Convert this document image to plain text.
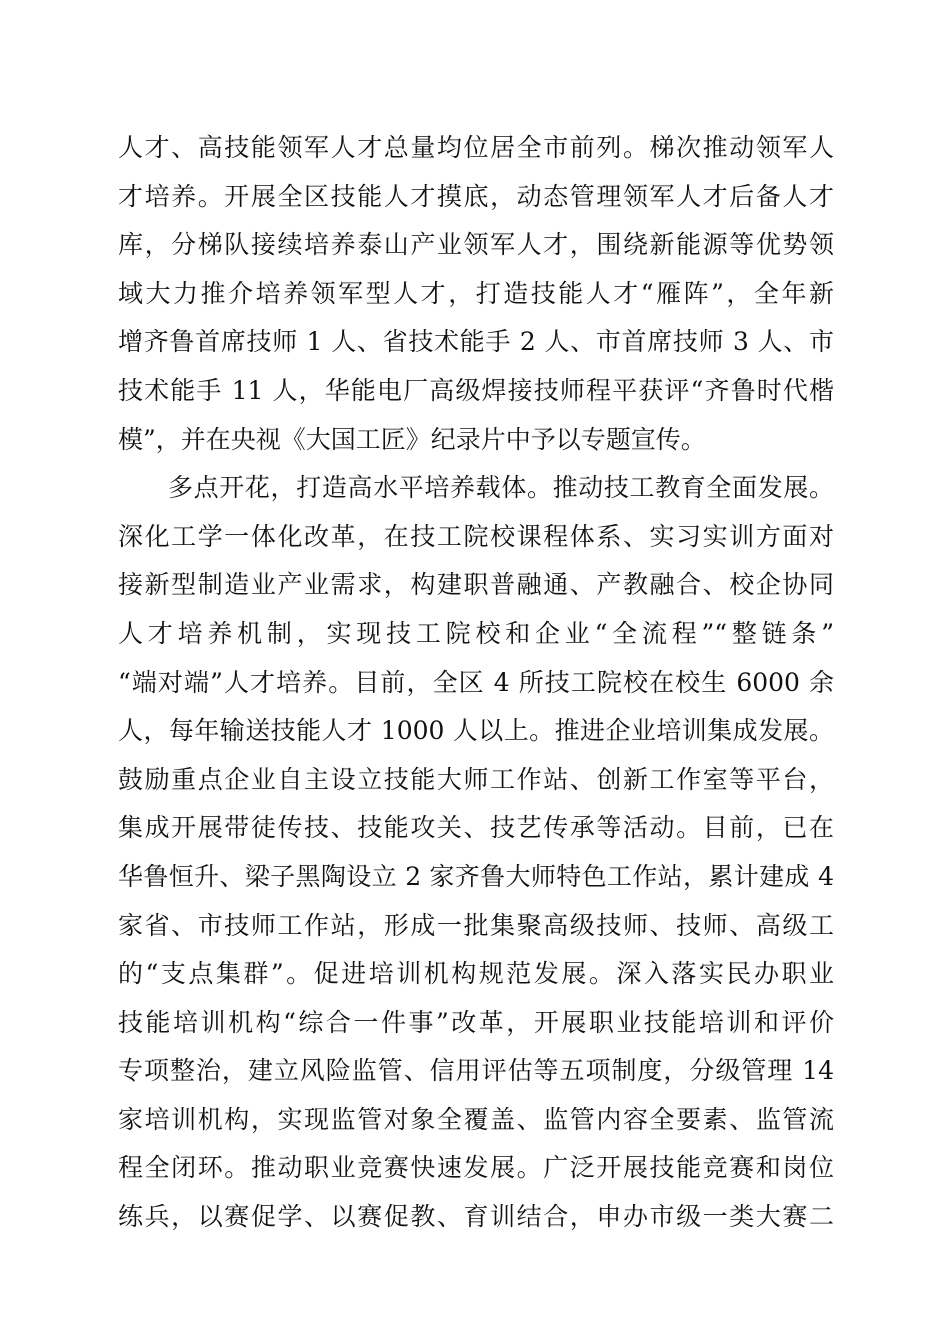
人才、高技能领军人才总量均位居全市前列。梯次推动领军人
才培养。开展全区技能人才摸底，动态管理领军人才后备人才
库，分梯队接续培养泰山产业领军人才，围绕新能源等优势领
域大力推介培养领军型人才，打造技能人才“雁阵”，全年新
增齐鲁首席技师 1 人、省技术能手 2 人、市首席技师 3 人、市
技术能手 11 人，华能电厂高级焊接技师程平获评“齐鲁时代楷
模”，并在央视《大国工匠》纪录片中予以专题宣传。
多点开花，打造高水平培养载体。推动技工教育全面发展。
深化工学一体化改革，在技工院校课程体系、实习实训方面对
接新型制造业产业需求，构建职普融通、产教融合、校企协同
人才培养机制，实现技工院校和企业“全流程”“整链条”
“端对端”人才培养。目前，全区 4 所技工院校在校生 6000 余
人，每年输送技能人才 1000 人以上。推进企业培训集成发展。
鼓励重点企业自主设立技能大师工作站、创新工作室等平台，
集成开展带徒传技、技能攻关、技艺传承等活动。目前，已在
华鲁恒升、梁子黑陶设立 2 家齐鲁大师特色工作站，累计建成 4
家省、市技师工作站，形成一批集聚高级技师、技师、高级工
的“支点集群”。促进培训机构规范发展。深入落实民办职业
技能培训机构“综合一件事”改革，开展职业技能培训和评价
专项整治，建立风险监管、信用评估等五项制度，分级管理 14
家培训机构，实现监管对象全覆盖、监管内容全要素、监管流
程全闭环。推动职业竞赛快速发展。广泛开展技能竞赛和岗位
练兵，以赛促学、以赛促教、育训结合，申办市级一类大赛二
